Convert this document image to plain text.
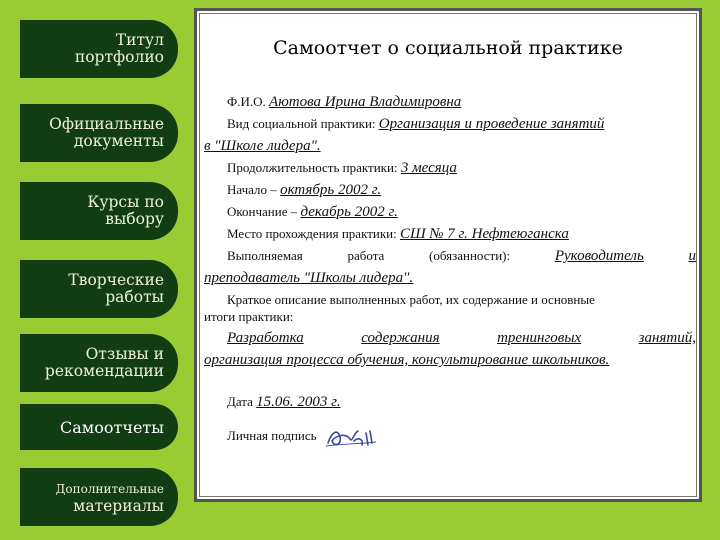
Титул
портфолио
Официальные
документы
Курсы по
выбору
Творческие
работы
Отзывы и
рекомендации
Самоотчеты
Дополнительные
материалы
Самоотчет о социальной практике
Ф.И.О. Аютова Ирина Владимировна
Вид социальной практики: Организация и проведение занятий
в "Школе лидера".
Продолжительность практики: 3 месяца
Начало – октябрь 2002 г.
Окончание – декабрь 2002 г.
Место прохождения практики: СШ № 7 г. Нефтеюганска
Выполняемая	работа	(обязанности):	Руководитель	и
преподаватель "Школы лидера".
Краткое описание выполненных работ, их содержание и основные
итоги практики:
Разработка	содержания	тренинговых	занятий,
организация процесса обучения, консультирование школьников.
Дата 15.06. 2003 г.
Личная подпись
